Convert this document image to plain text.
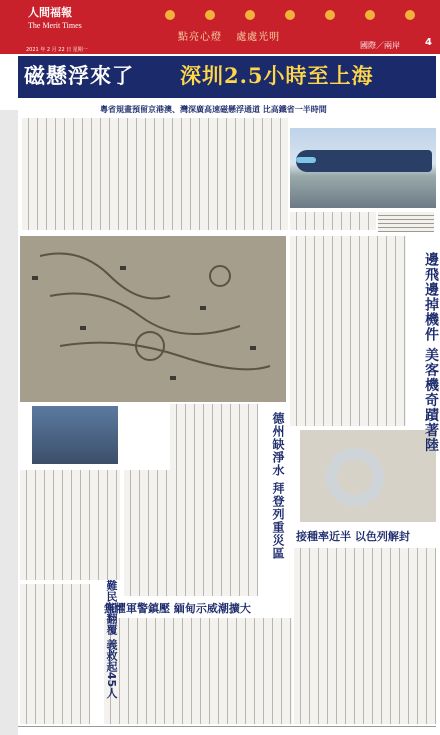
人間福報
The Merit Times
點亮心燈 處處光明
2021 年 2 月 22 日 星期一	國際／兩岸	4
磁懸浮來了 深圳2.5小時至上海
粵省規畫預留京港澳、灣深廣高速磁懸浮通道 比高鐵省一半時間
德州缺淨水 拜登列重災區
邊飛邊掉機件 美客機奇蹟著陸
接種率近半 以色列解封
無懼軍警鎮壓 緬甸示威潮擴大
難民船翻覆 義救起45人
